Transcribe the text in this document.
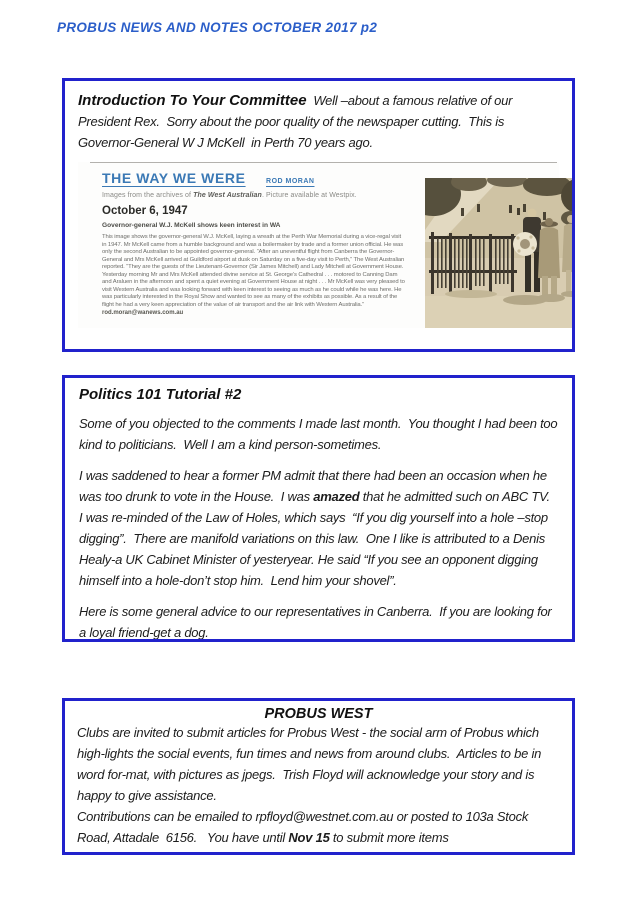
PROBUS NEWS AND NOTES OCTOBER 2017 p2

Introduction To Your Committee  Well –about a famous relative of our President Rex.  Sorry about the poor quality of the newspaper cutting.  This is Governor-General W J McKell  in Perth 70 years ago.

THE WAY WE WERE	ROD MORAN
Images from the archives of The West Australian. Picture available at Westpix.
October 6, 1947
Governor-general W.J. McKell shows keen interest in WA
This image shows the governor-general W.J. McKell, laying a wreath at the Perth War Memorial during a vice-regal visit in 1947. Mr McKell came from a humble background and was a boilermaker by trade and a former union official. He was only the second Australian to be appointed governor-general. “After an uneventful flight from Canberra the Governor-General and Mrs McKell arrived at Guildford airport at dusk on Saturday on a five-day visit to Perth,” The West Australian reported. “They are the guests of the Lieutenant-Governor (Sir James Mitchell) and Lady Mitchell at Government House. Yesterday morning Mr and Mrs McKell attended divine service at St. George’s Cathedral . . . motored to Canning Dam and Araluen in the afternoon and spent a quiet evening at Government House at night . . . Mr McKell was very pleased to visit Western Australia and was looking forward with keen interest to seeing as much as he could while he was here. He was particularly interested in the Royal Show and wanted to see as many of the exhibits as possible. As a result of the flight he had a very keen appreciation of the value of air transport and the air link with Western Australia.”
rod.moran@wanews.com.au
Politics 101 Tutorial #2

Some of you objected to the comments I made last month.  You thought I had been too kind to politicians.  Well I am a kind person-sometimes.

I was saddened to hear a former PM admit that there had been an occasion when he was too drunk to vote in the House.  I was amazed that he admitted such on ABC TV.  I was re-minded of the Law of Holes, which says  “If you dig yourself into a hole –stop digging”.  There are manifold variations on this law.  One I like is attributed to a Denis Healy-a UK Cabinet Minister of yesteryear. He said “If you see an opponent digging himself into a hole-don’t stop him.  Lend him your shovel”.

Here is some general advice to our representatives in Canberra.  If you are looking for a loyal friend-get a dog.

PROBUS WEST

Clubs are invited to submit articles for Probus West - the social arm of Probus which high-lights the social events, fun times and news from around clubs.  Articles to be in word for-mat, with pictures as jpegs.  Trish Floyd will acknowledge your story and is happy to give assistance.

Contributions can be emailed to rpfloyd@westnet.com.au or posted to 103a Stock Road, Attadale  6156.   You have until Nov 15 to submit more items
